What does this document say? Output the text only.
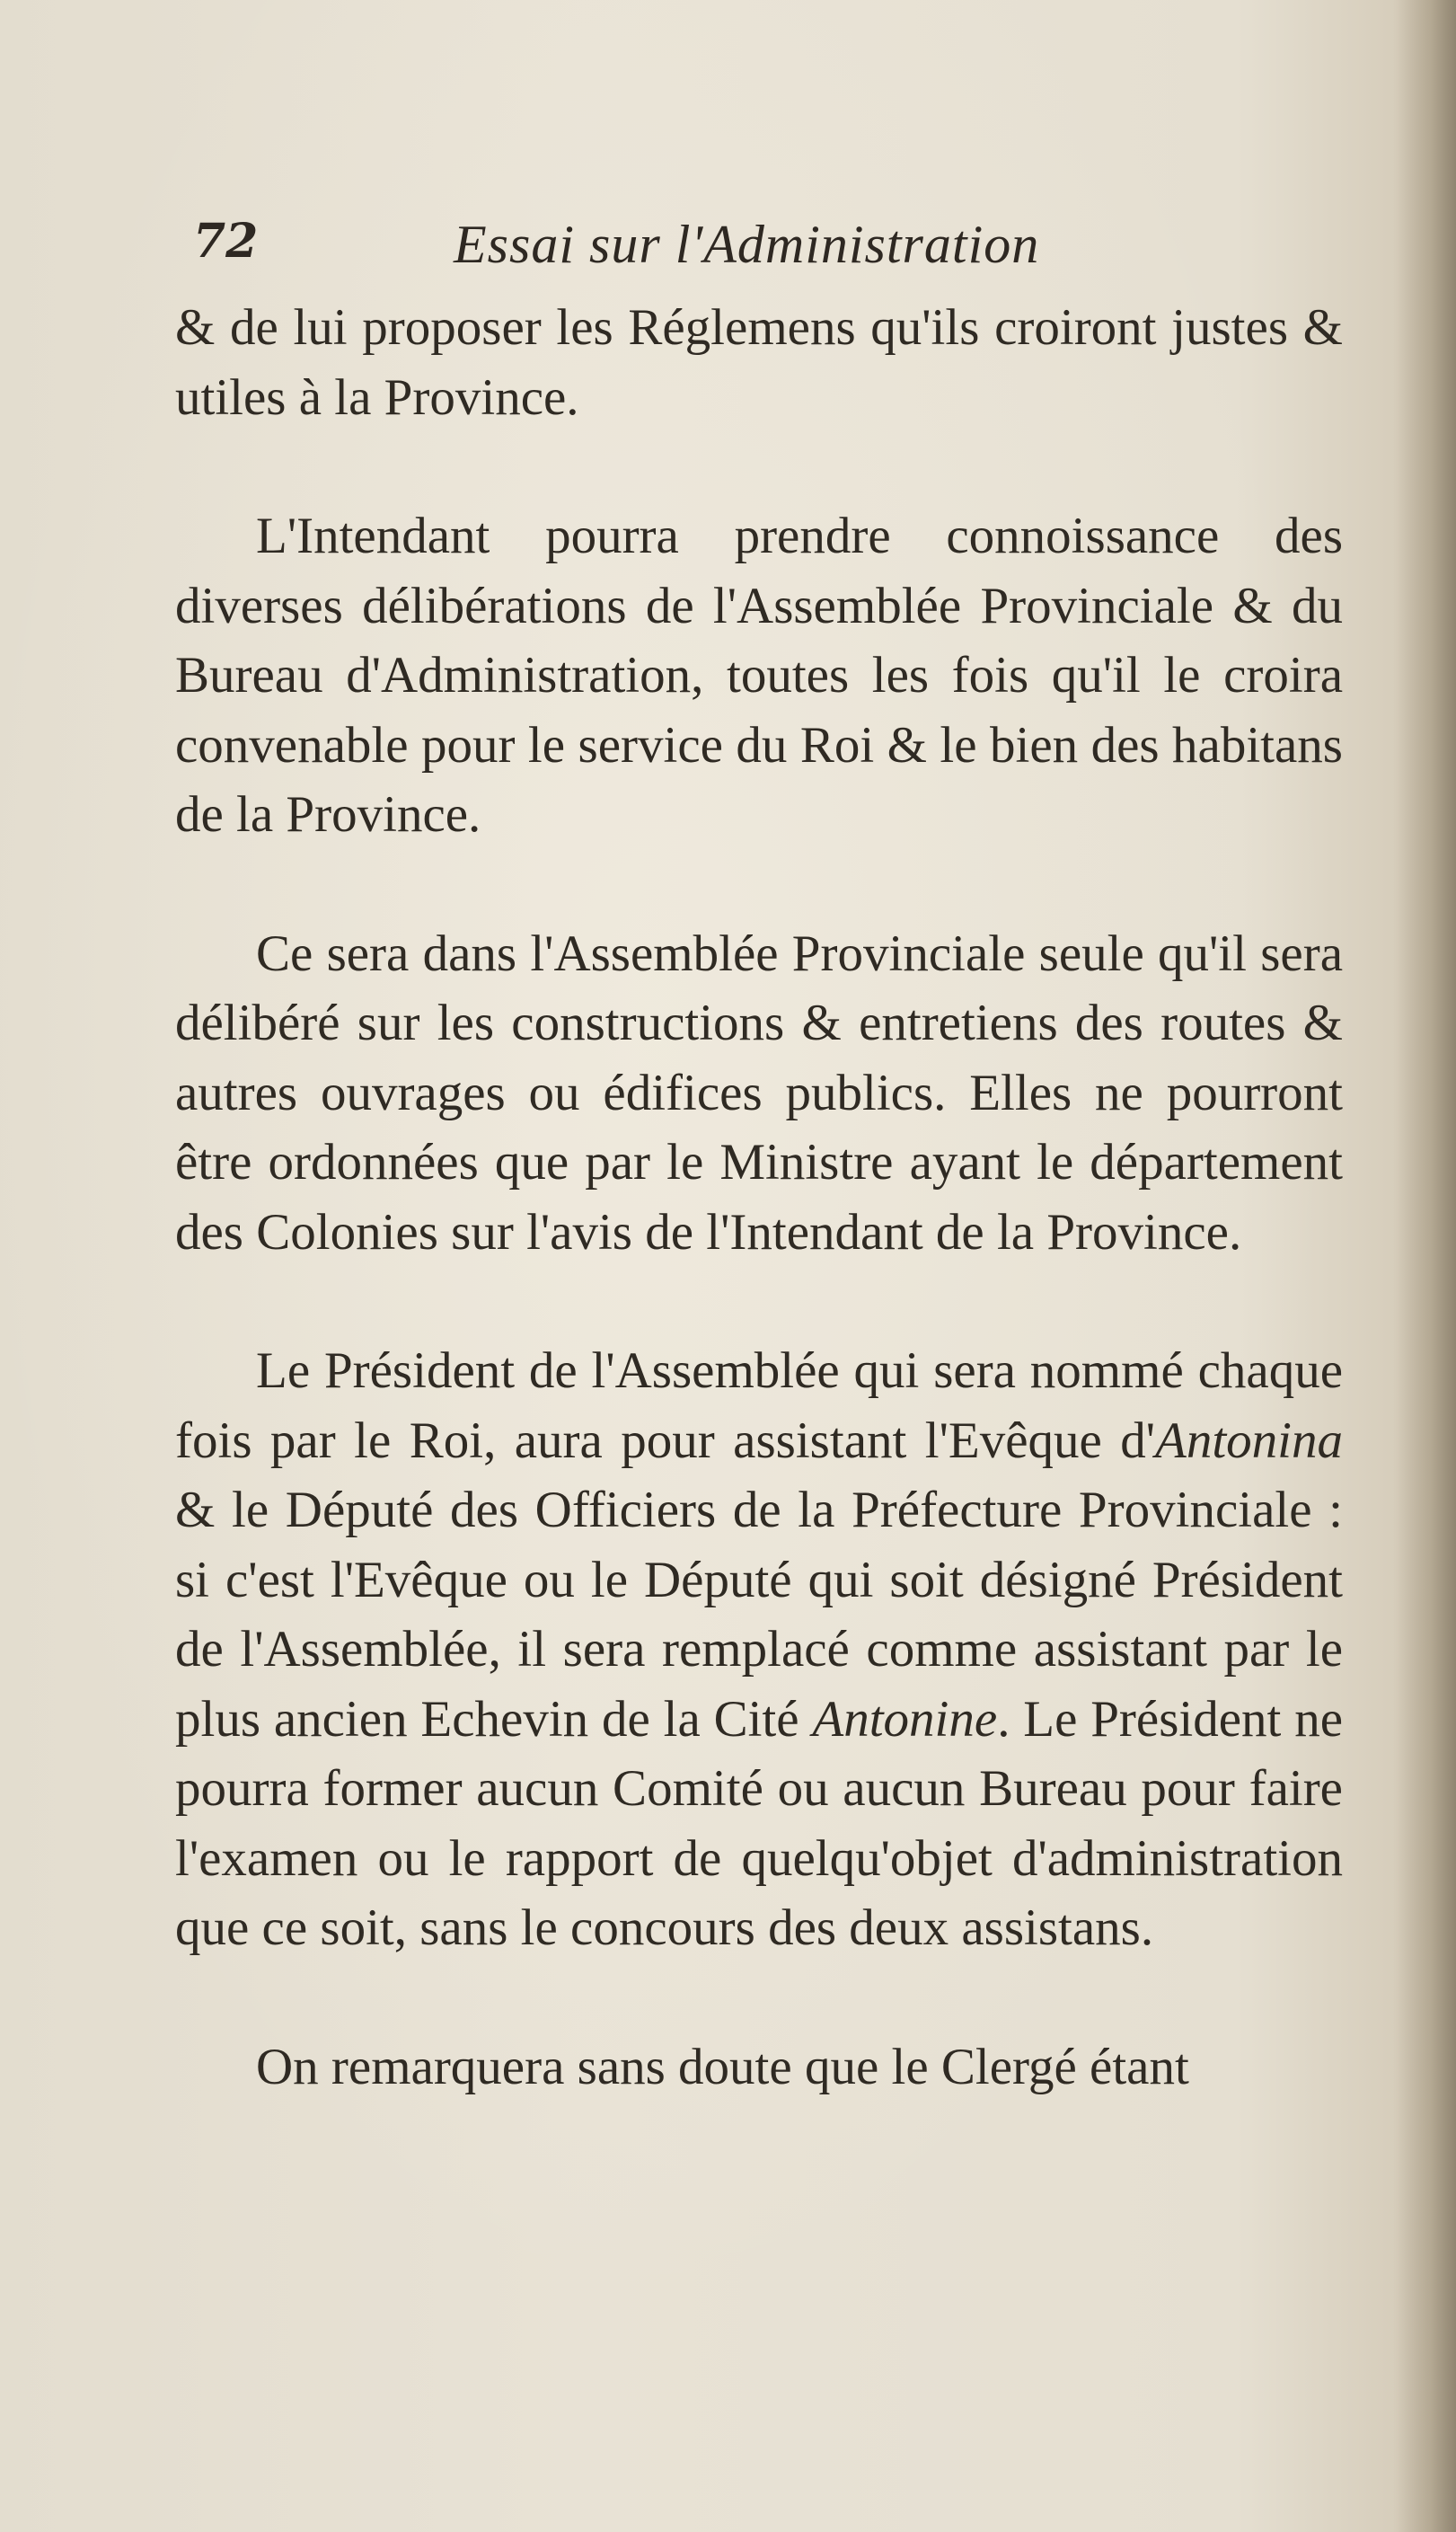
72	Essai sur l'Administration

& de lui proposer les Réglemens qu'ils croiront justes & utiles à la Province.

L'Intendant pourra prendre connoissance des diverses délibérations de l'Assemblée Provinciale & du Bureau d'Administration, toutes les fois qu'il le croira convenable pour le service du Roi & le bien des habitans de la Province.

Ce sera dans l'Assemblée Provinciale seule qu'il sera délibéré sur les constructions & entretiens des routes & autres ouvrages ou édifices publics. Elles ne pourront être ordonnées que par le Ministre ayant le département des Colonies sur l'avis de l'Intendant de la Province.

Le Président de l'Assemblée qui sera nommé chaque fois par le Roi, aura pour assistant l'Evêque d'Antonina & le Député des Officiers de la Préfecture Provinciale : si c'est l'Evêque ou le Député qui soit désigné Président de l'Assemblée, il sera remplacé comme assistant par le plus ancien Echevin de la Cité Antonine. Le Président ne pourra former aucun Comité ou aucun Bureau pour faire l'examen ou le rapport de quelqu'objet d'administration que ce soit, sans le concours des deux assistans.

On remarquera sans doute que le Clergé étant
